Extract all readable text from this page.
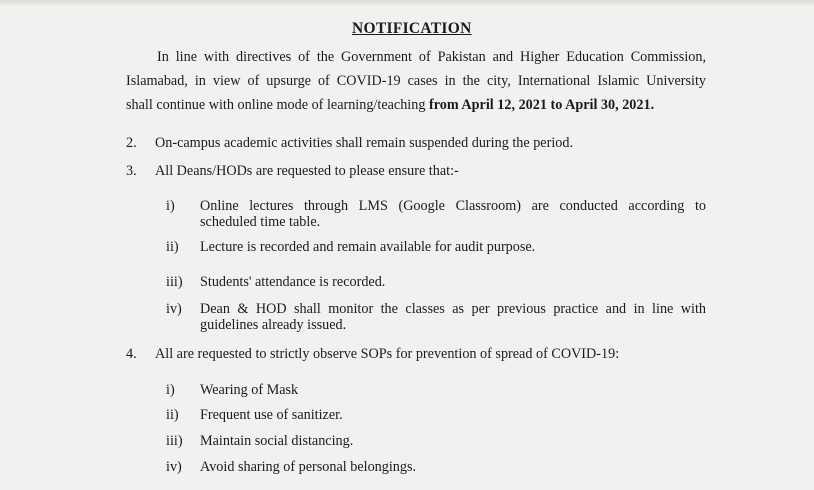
NOTIFICATION
In line with directives of the Government of Pakistan and Higher Education Commission,
Islamabad, in view of upsurge of COVID-19 cases in the city, International Islamic University
shall continue with online mode of learning/teaching from April 12, 2021 to April 30, 2021.
2. On-campus academic activities shall remain suspended during the period.
3. All Deans/HODs are requested to please ensure that:-
i) Online lectures through LMS (Google Classroom) are conducted according to
scheduled time table.
ii) Lecture is recorded and remain available for audit purpose.
iii) Students' attendance is recorded.
iv) Dean & HOD shall monitor the classes as per previous practice and in line with
guidelines already issued.
4. All are requested to strictly observe SOPs for prevention of spread of COVID-19:
i) Wearing of Mask
ii) Frequent use of sanitizer.
iii) Maintain social distancing.
iv) Avoid sharing of personal belongings.
